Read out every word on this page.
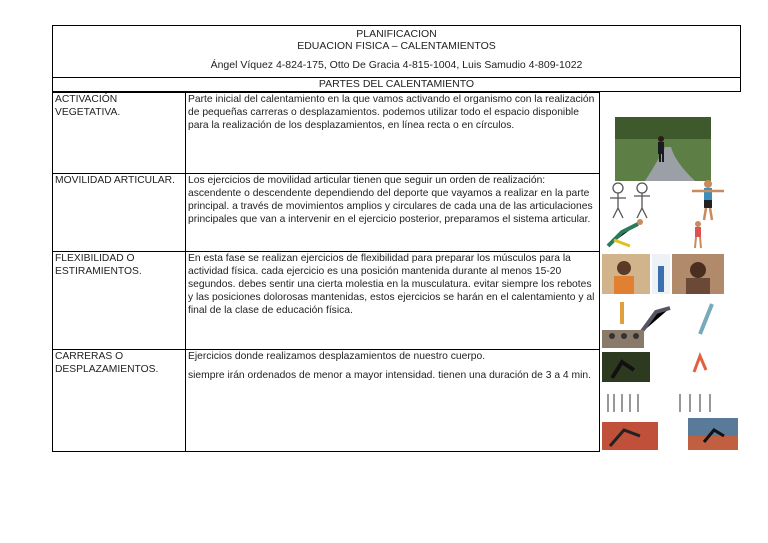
PLANIFICACION
EDUACION FISICA – CALENTAMIENTOS
Ángel Víquez 4-824-175, Otto De Gracia 4-815-1004, Luis Samudio 4-809-1022
PARTES DEL CALENTAMIENTO
ACTIVACIÓN VEGETATIVA.	Parte inicial del calentamiento en la que vamos activando el organismo con la realización de pequeñas carreras o desplazamientos. podemos utilizar todo el espacio disponible para la realización de los desplazamientos, en línea recta o en círculos.

MOVILIDAD ARTICULAR.	Los ejercicios de movilidad articular tienen que seguir un orden de realización: ascendente o descendente dependiendo del deporte que vayamos a realizar en la parte principal. a través de movimientos amplios y circulares de cada una de las articulaciones principales que van a intervenir en el ejercicio posterior, preparamos el sistema articular.

FLEXIBILIDAD O ESTIRAMIENTOS.	En esta fase se realizan ejercicios de flexibilidad para preparar los músculos para la actividad física. cada ejercicio es una posición mantenida durante al menos 15-20 segundos. debes sentir una cierta molestia en la musculatura. evitar siempre los rebotes y las posiciones dolorosas mantenidas, estos ejercicios se harán en el calentamiento y al final de la clase de educación física.

CARRERAS O DESPLAZAMIENTOS.	Ejercicios donde realizamos desplazamientos de nuestro cuerpo.

siempre irán ordenados de menor a mayor intensidad. tienen una duración de 3 a 4 min.
